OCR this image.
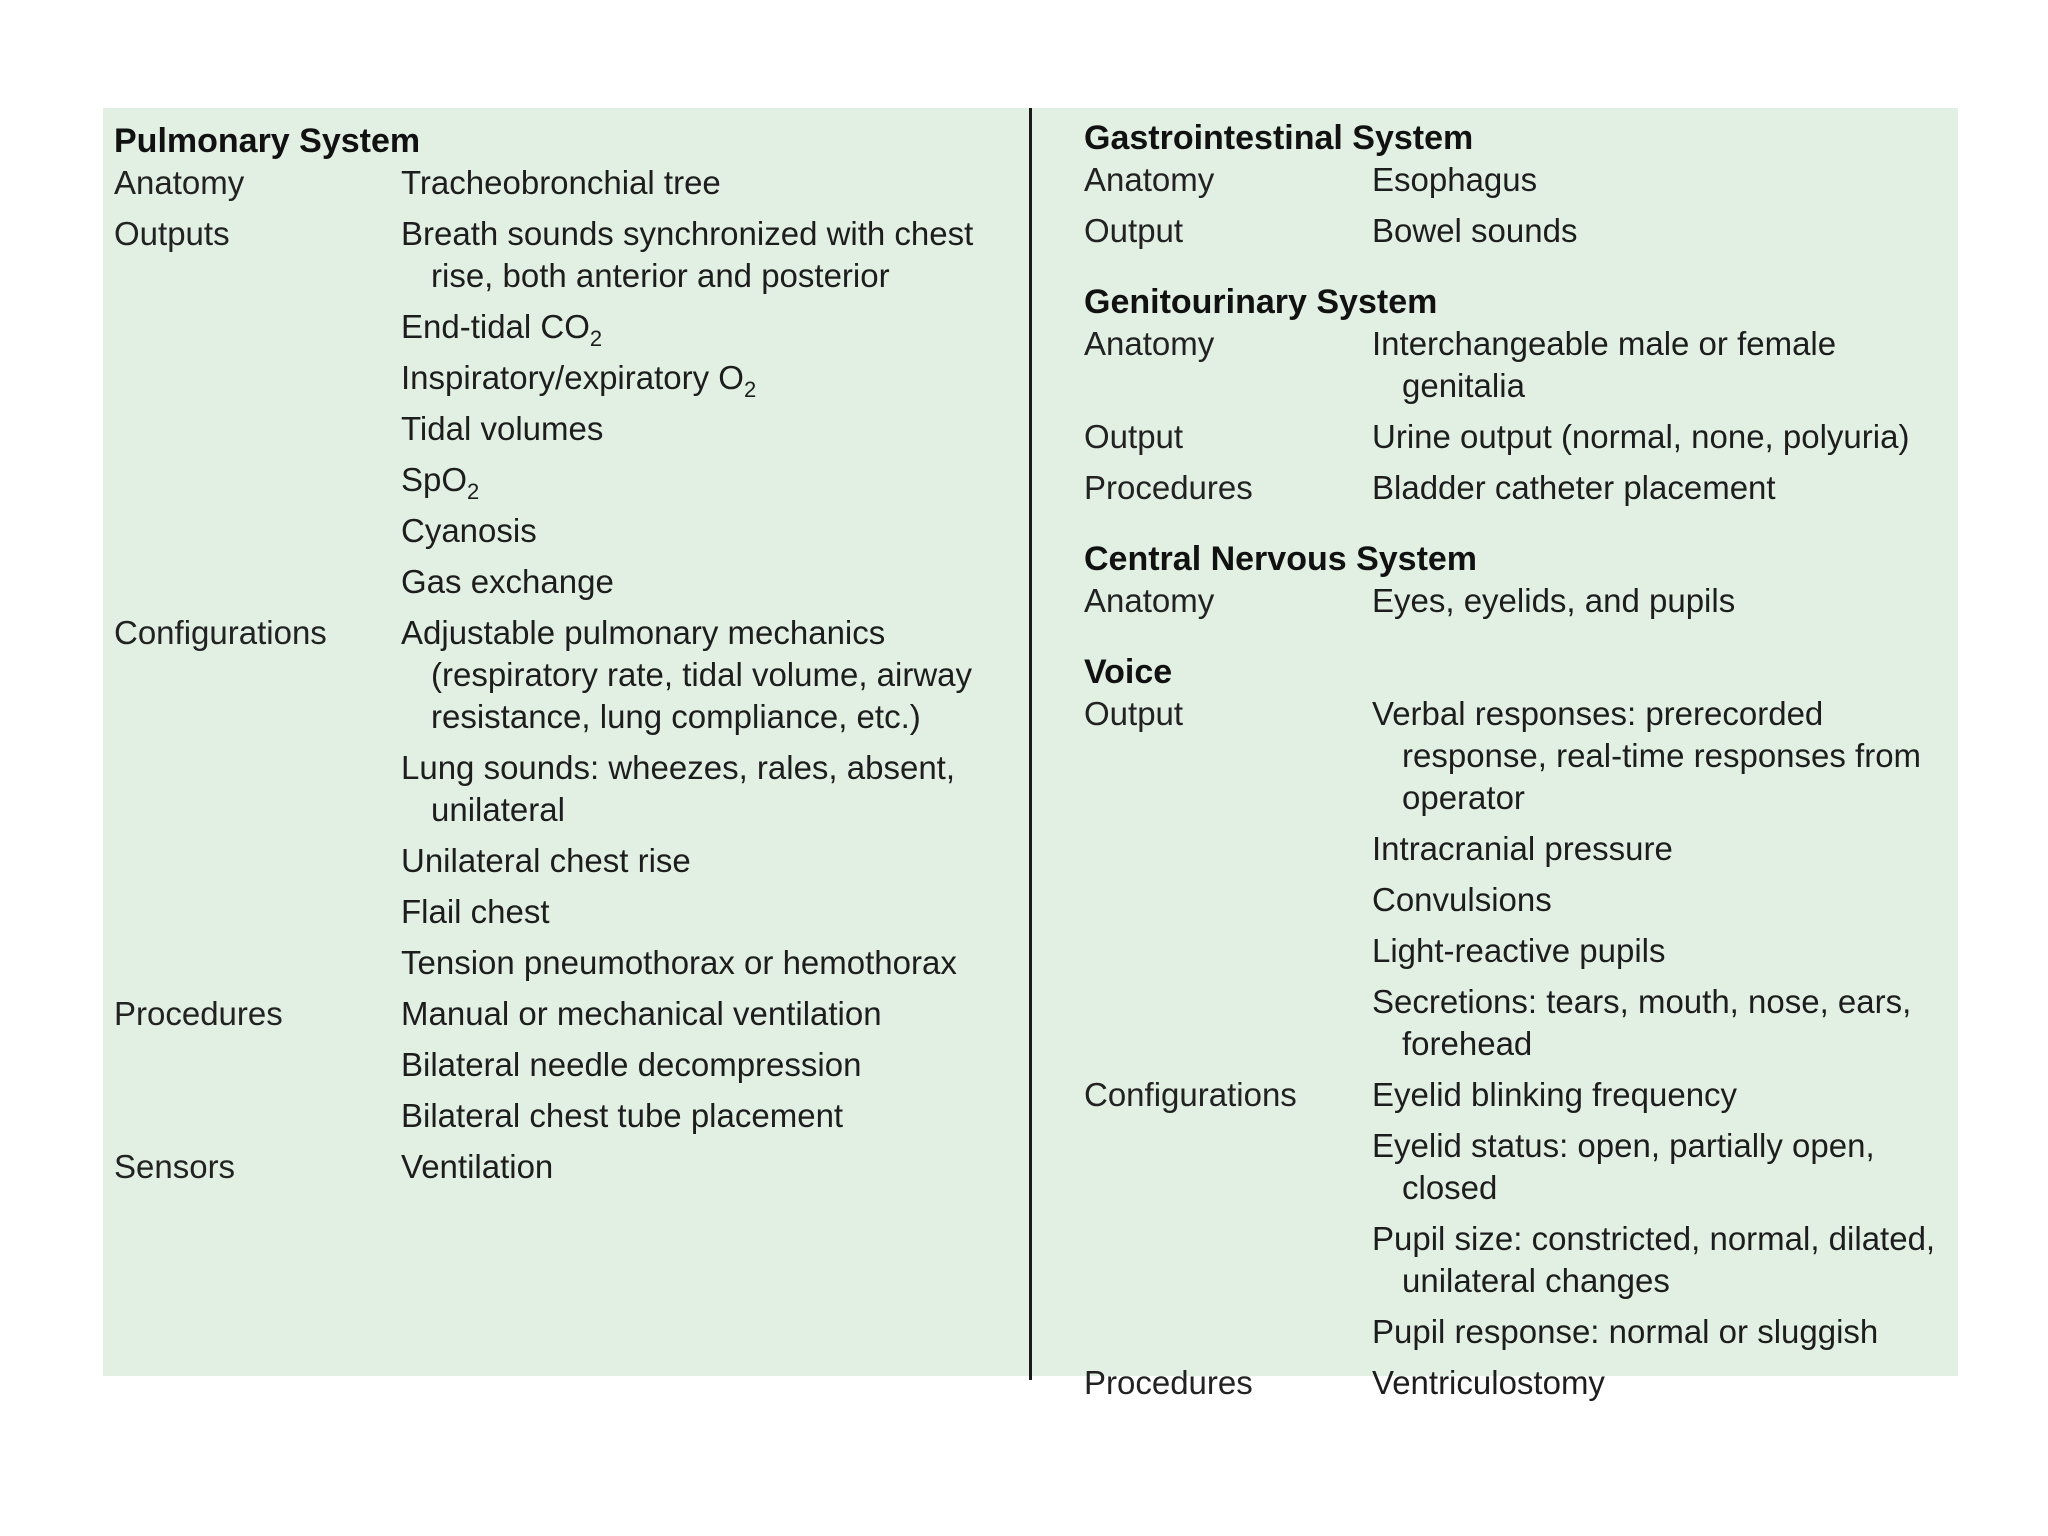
Pulmonary System
Anatomy	Tracheobronchial tree
Outputs	Breath sounds synchronized with chest rise, both anterior and posterior
End-tidal $CO_2$
Inspiratory/expiratory $O_2$
Tidal volumes
SpO$_2$
Cyanosis
Gas exchange
Configurations	Adjustable pulmonary mechanics (respiratory rate, tidal volume, airway resistance, lung compliance, etc.)
Lung sounds: wheezes, rales, absent, unilateral
Unilateral chest rise
Flail chest
Tension pneumothorax or hemothorax
Procedures	Manual or mechanical ventilation
Bilateral needle decompression
Bilateral chest tube placement
Sensors	Ventilation
Gastrointestinal System
Anatomy	Esophagus
Output	Bowel sounds
Genitourinary System
Anatomy	Interchangeable male or female genitalia
Output	Urine output (normal, none, polyuria)
Procedures	Bladder catheter placement
Central Nervous System
Anatomy	Eyes, eyelids, and pupils
Voice
Output	Verbal responses: prerecorded response, real-time responses from operator
Intracranial pressure
Convulsions
Light-reactive pupils
Secretions: tears, mouth, nose, ears, forehead
Configurations	Eyelid blinking frequency
Eyelid status: open, partially open, closed
Pupil size: constricted, normal, dilated, unilateral changes
Pupil response: normal or sluggish
Procedures	Ventriculostomy
